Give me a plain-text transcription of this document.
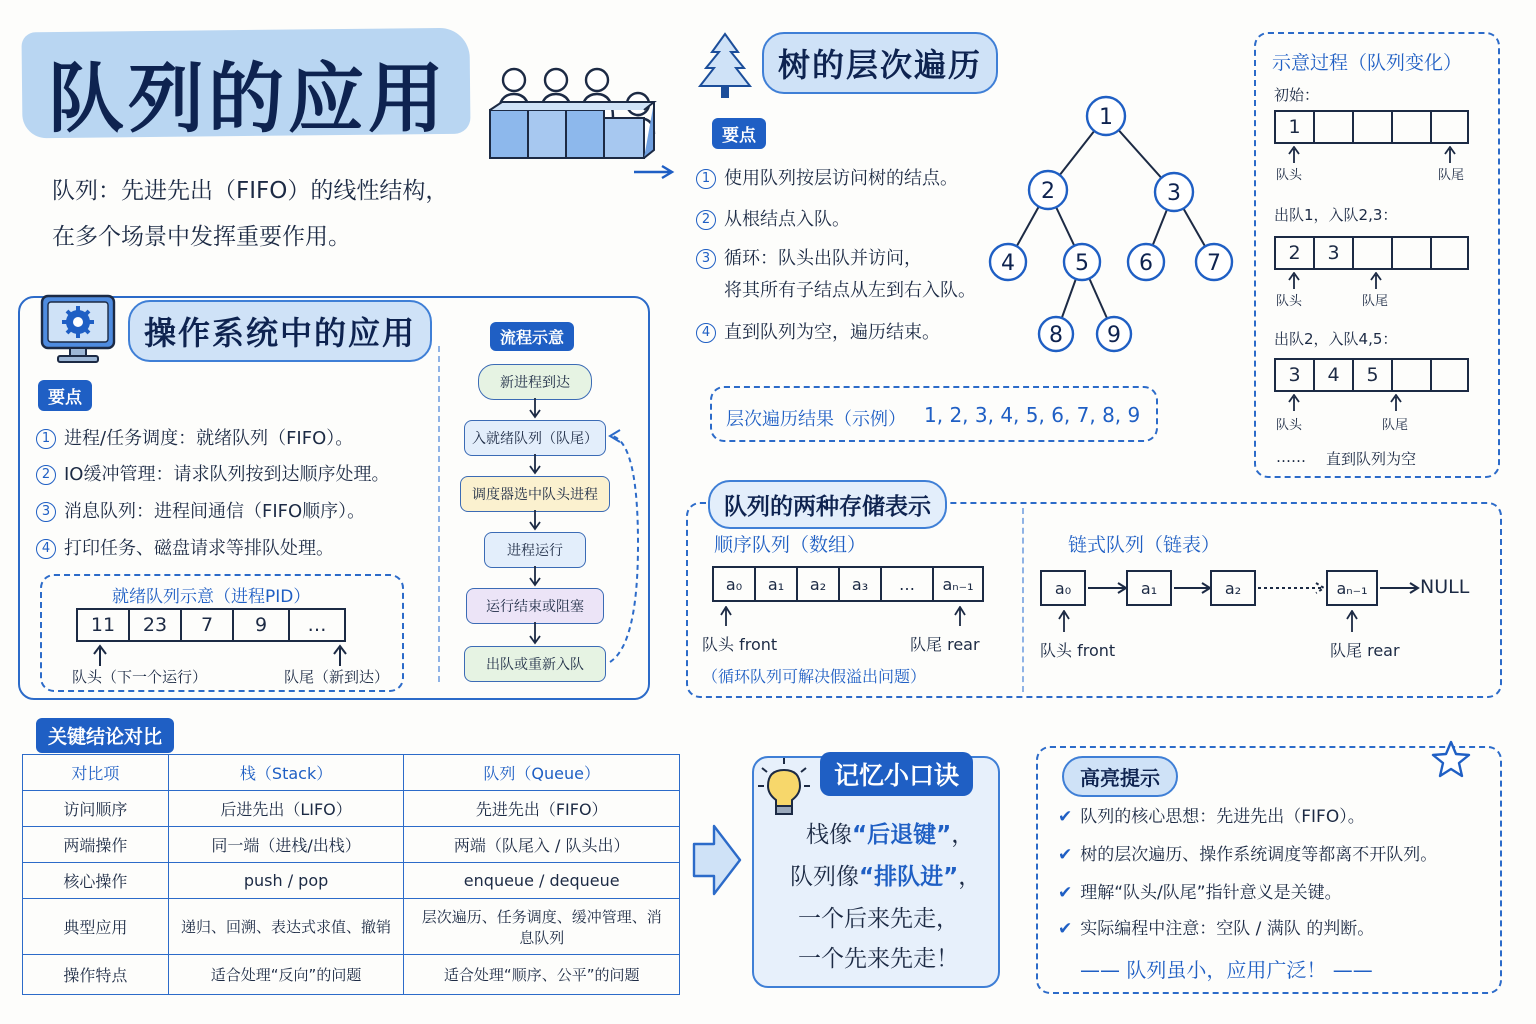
队列的应用
队列：先进先出（FIFO）的线性结构，
在多个场景中发挥重要作用。
操作系统中的应用
要点
1 进程/任务调度：就绪队列（FIFO）。
2 IO缓冲管理：请求队列按到达顺序处理。
3 消息队列：进程间通信（FIFO顺序）。
4 打印任务、磁盘请求等排队处理。
就绪队列示意（进程PID）
11	23	7	9	…
队头（下一个运行）	队尾（新到达）
流程示意
新进程到达
入就绪队列（队尾）
调度器选中队头进程
进程运行
运行结束或阻塞
出队或重新入队
树的层次遍历
要点
1 使用队列按层访问树的结点。
2 从根结点入队。
3 循环：队头出队并访问，
将其所有子结点从左到右入队。
4 直到队列为空，遍历结束。
1
2	3
4	5 6 7
8 9
层次遍历结果（示例） 1, 2, 3, 4, 5, 6, 7, 8, 9
示意过程（队列变化）
初始：
1
队头	队尾
出队1，入队2,3：
2	3
队头	队尾
出队2，入队4,5：
3	4	5
队头	队尾
…… 直到队列为空
队列的两种存储表示
顺序队列（数组）
a₀	a₁	a₂	a₃	…	aₙ₋₁
队头 front	队尾 rear
（循环队列可解决假溢出问题）
链式队列（链表）
a₀	a₁	a₂	aₙ₋₁	NULL
队头 front	队尾 rear
关键结论对比
对比项	栈（Stack）	队列（Queue）
访问顺序	后进先出（LIFO）	先进先出（FIFO）
两端操作	同一端（进栈/出栈）	两端（队尾入 / 队头出）
核心操作	push / pop	enqueue / dequeue
典型应用	递归、回溯、表达式求值、撤销	层次遍历、任务调度、缓冲管理、消息队列
操作特点	适合处理“反向”的问题	适合处理“顺序、公平”的问题
记忆小口诀
栈像“后退键”，
队列像“排队进”，
一个后来先走，
一个先来先走！
高亮提示
✔ 队列的核心思想：先进先出（FIFO）。
✔ 树的层次遍历、操作系统调度等都离不开队列。
✔ 理解“队头/队尾”指针意义是关键。
✔ 实际编程中注意：空队 / 满队 的判断。
—— 队列虽小，应用广泛！ ——
